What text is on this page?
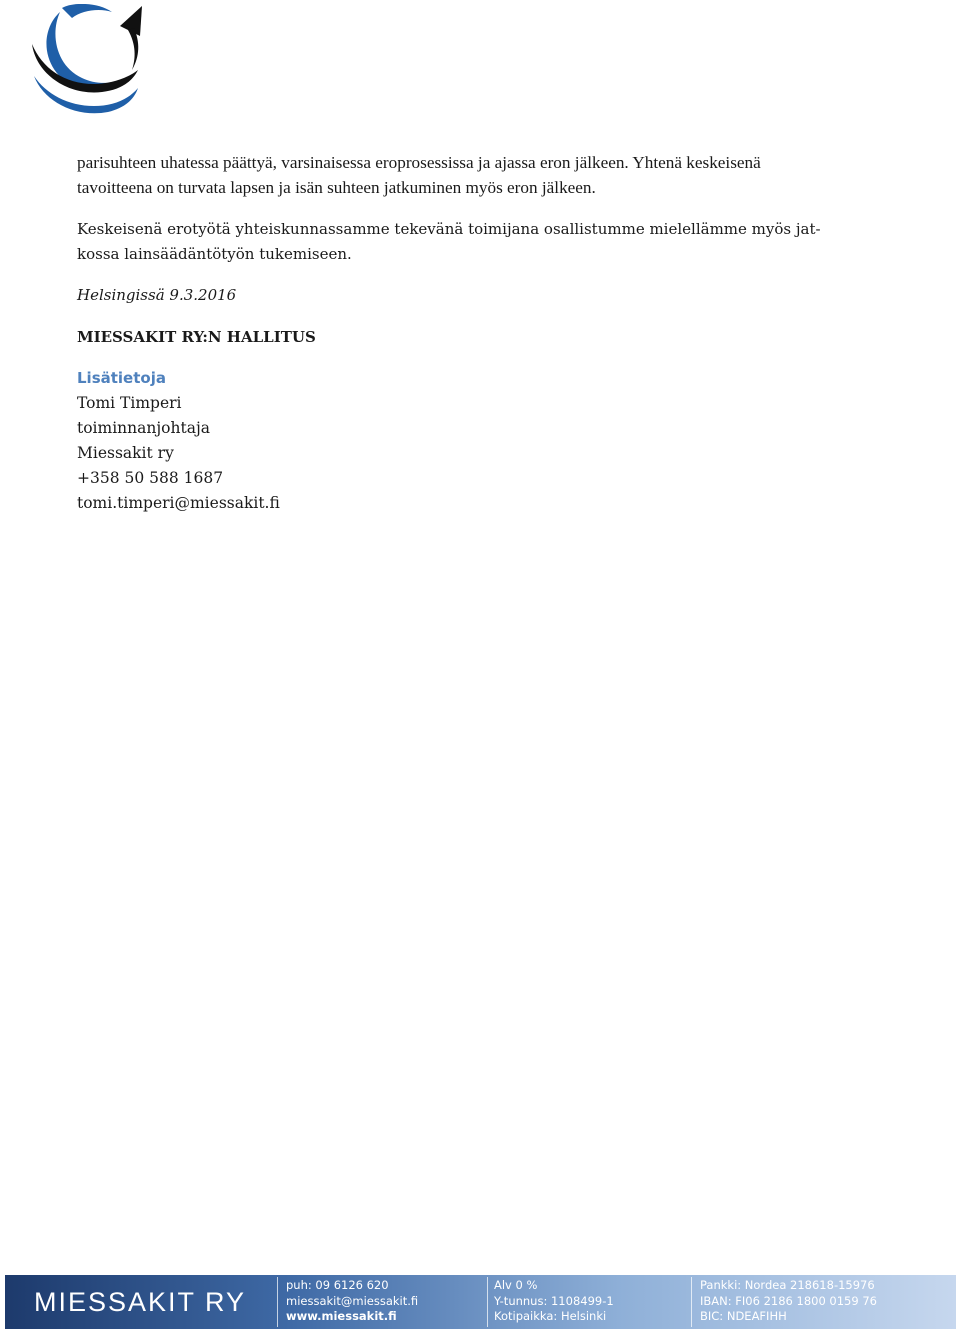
parisuhteen uhatessa päättyä, varsinaisessa eroprosessissa ja ajassa eron jälkeen. Yhtenä keskeisenä
tavoitteena on turvata lapsen ja isän suhteen jatkuminen myös eron jälkeen.

Keskeisenä erotyötä yhteiskunnassamme tekevänä toimijana osallistumme mielellämme myös jat-
kossa lainsäädäntötyön tukemiseen.

Helsingissä 9.3.2016
MIESSAKIT RY:N HALLITUS
Lisätietoja
Tomi Timperi
toiminnanjohtaja
Miessakit ry
+358 50 588 1687
tomi.timperi@miessakit.fi
MIESSAKIT RY
puh: 09 6126 620
miessakit@miessakit.fi
www.miessakit.fi
Alv 0 %
Y-tunnus: 1108499-1
Kotipaikka: Helsinki
Pankki: Nordea 218618-15976
IBAN: FI06 2186 1800 0159 76
BIC: NDEAFIHH
